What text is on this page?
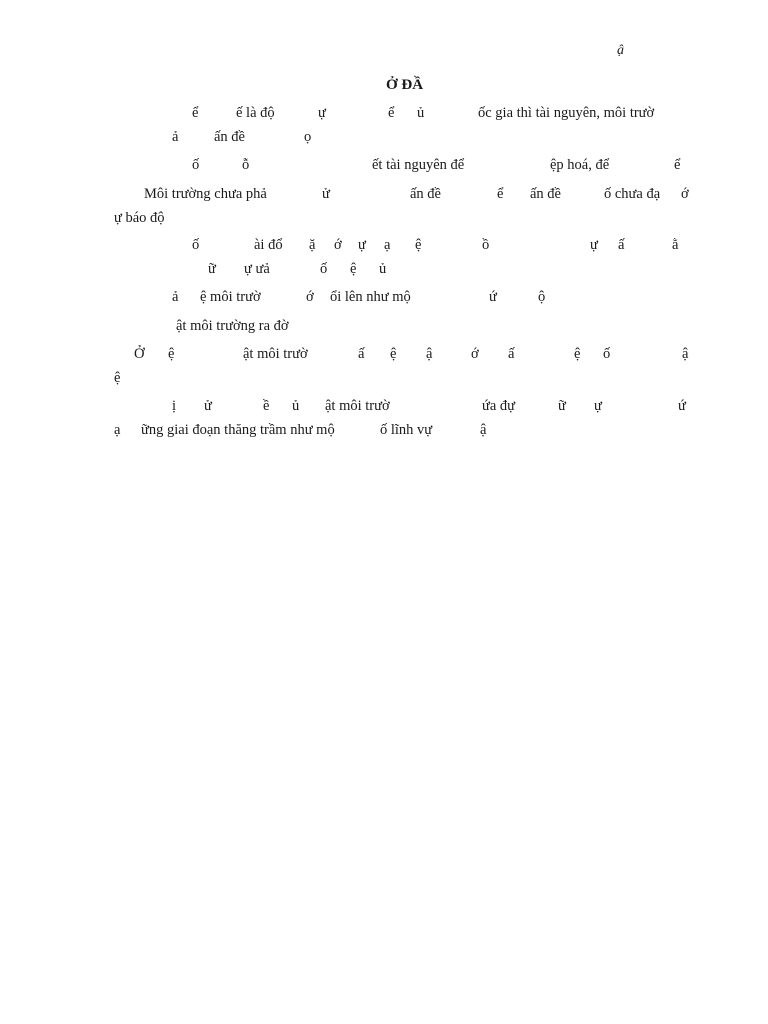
ậ
Ở ĐẦ
ể	ế là độ	ự	ể ủ	ốc gia thì tài nguyên, môi trườ
ả ấn đề	ọ
ố	ỗ	ết tài nguyên để	ệp hoá, để	ể
Môi trường chưa phả	ử	ấn đề	ể ấn đề	ố chưa đạ ớ
ự báo độ
ố	ài đổ ặ ớ ự ạ ệ	ồ	ự ấ	ằ
ữ ự ưả	ố ệ ủ
ả ệ môi trườ	ớ ổi lên như mộ	ứ	ộ
ật môi trường ra đờ
Ở ệ	ật môi trườ	ấ ệ ậ	ớ ấ	ệ ố	ậ
ệ
ị ử	ề ủ ật môi trườ	ứa đự	ữ ự	ứ
ạ ững giai đoạn thăng trầm như mộ	ố lĩnh vự	ậ
